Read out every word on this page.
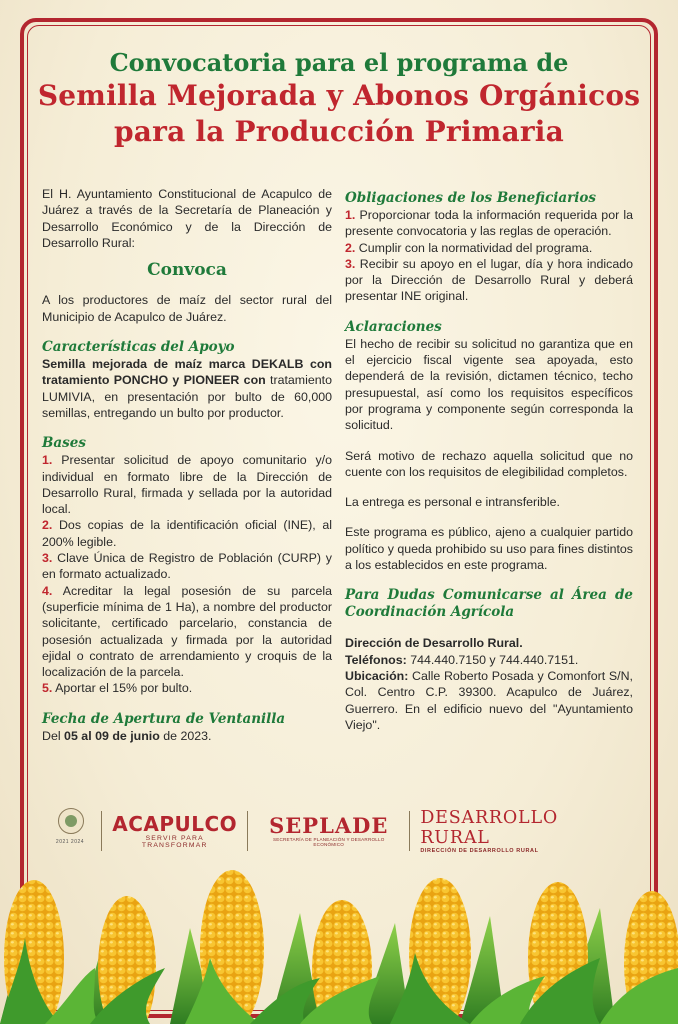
Convocatoria para el programa de
Semilla Mejorada y Abonos Orgánicos
para la Producción Primaria

El H. Ayuntamiento Constitucional de Acapulco de Juárez a través de la Secretaría de Planeación y Desarrollo Económico y de la Dirección de Desarrollo Rural:

Convoca

A los productores de maíz del sector rural del Municipio de Acapulco de Juárez.

Características del Apoyo

Semilla mejorada de maíz marca DEKALB con tratamiento PONCHO y PIONEER con tratamiento LUMIVIA, en presentación por bulto de 60,000 semillas, entregando un bulto por productor.

Bases

1. Presentar solicitud de apoyo comunitario y/o individual en formato libre de la Dirección de Desarrollo Rural, firmada y sellada por la autoridad local.

2. Dos copias de la identificación oficial (INE), al 200% legible.

3. Clave Única de Registro de Población (CURP) y en formato actualizado.

4. Acreditar la legal posesión de su parcela (superficie mínima de 1 Ha), a nombre del productor solicitante, certificado parcelario, constancia de posesión actualizada y firmada por la autoridad ejidal o contrato de arrendamiento y croquis de la localización de la parcela.

5. Aportar el 15% por bulto.

Fecha de Apertura de Ventanilla

Del 05 al 09 de junio de 2023.

Obligaciones de los Beneficiarios

1. Proporcionar toda la información requerida por la presente convocatoria y las reglas de operación.

2. Cumplir con la normatividad del programa.

3. Recibir su apoyo en el lugar, día y hora indicado por la Dirección de Desarrollo Rural y deberá presentar INE original.

Aclaraciones

El hecho de recibir su solicitud no garantiza que en el ejercicio fiscal vigente sea apoyada, esto dependerá de la revisión, dictamen técnico, techo presupuestal, así como los requisitos específicos por programa y componente según corresponda la solicitud.

Será motivo de rechazo aquella solicitud que no cuente con los requisitos de elegibilidad completos.

La entrega es personal e intransferible.

Este programa es público, ajeno a cualquier partido político y queda prohibido su uso para fines distintos a los establecidos en este programa.

Para Dudas Comunicarse al Área de Coordinación Agrícola

Dirección de Desarrollo Rural.

Teléfonos: 744.440.7150 y 744.440.7151.

Ubicación: Calle Roberto Posada y Comonfort S/N, Col. Centro C.P. 39300. Acapulco de Juárez, Guerrero. En el edificio nuevo del "Ayuntamiento Viejo".

2021 2024
ACAPULCO
SERVIR PARA TRANSFORMAR
SEPLADE
SECRETARÍA DE PLANEACIÓN Y DESARROLLO ECONÓMICO
DESARROLLO RURAL
DIRECCIÓN DE DESARROLLO RURAL
